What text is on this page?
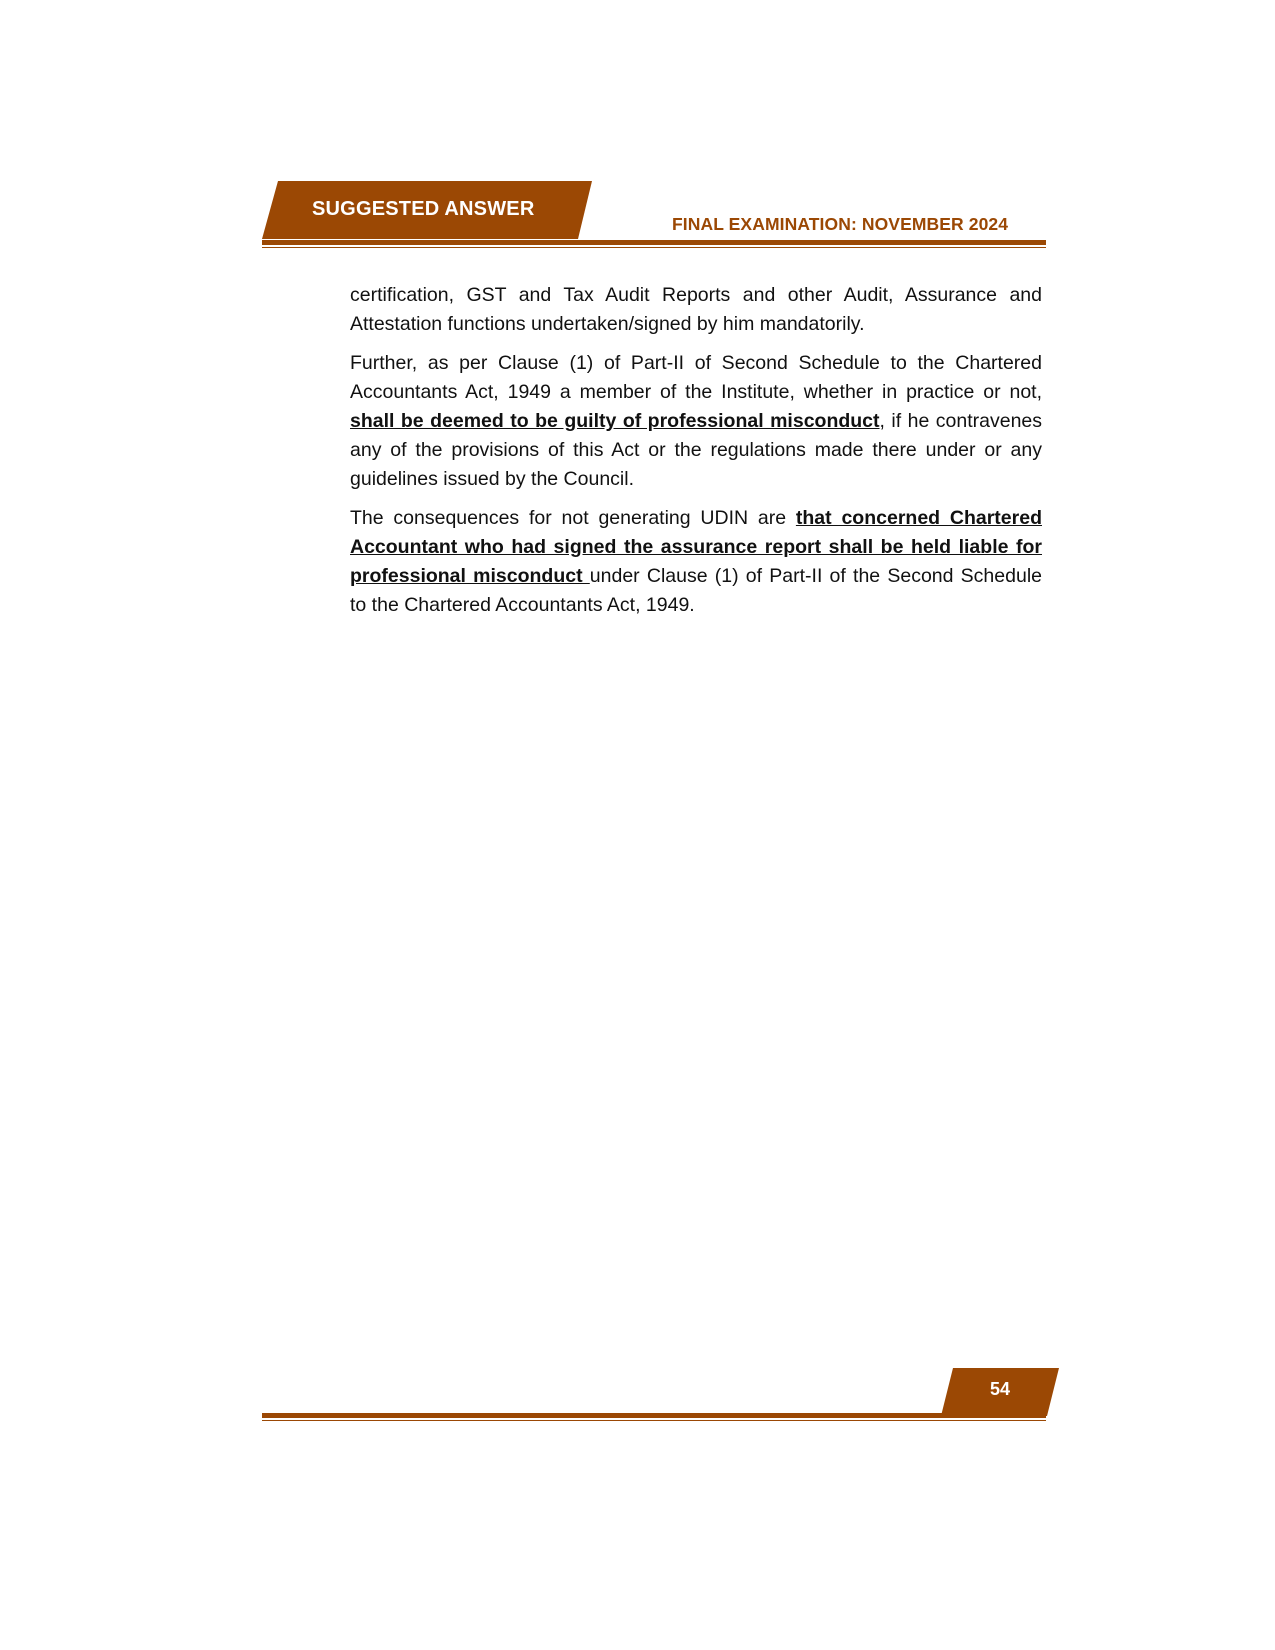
SUGGESTED ANSWER
FINAL EXAMINATION: NOVEMBER 2024

certification, GST and Tax Audit Reports and other Audit, Assurance and Attestation functions undertaken/signed by him mandatorily.

Further, as per Clause (1) of Part-II of Second Schedule to the Chartered Accountants Act, 1949 a member of the Institute, whether in practice or not, shall be deemed to be guilty of professional misconduct, if he contravenes any of the provisions of this Act or the regulations made there under or any guidelines issued by the Council.

The consequences for not generating UDIN are that concerned Chartered Accountant who had signed the assurance report shall be held liable for professional misconduct under Clause (1) of Part-II of the Second Schedule to the Chartered Accountants Act, 1949.

54
